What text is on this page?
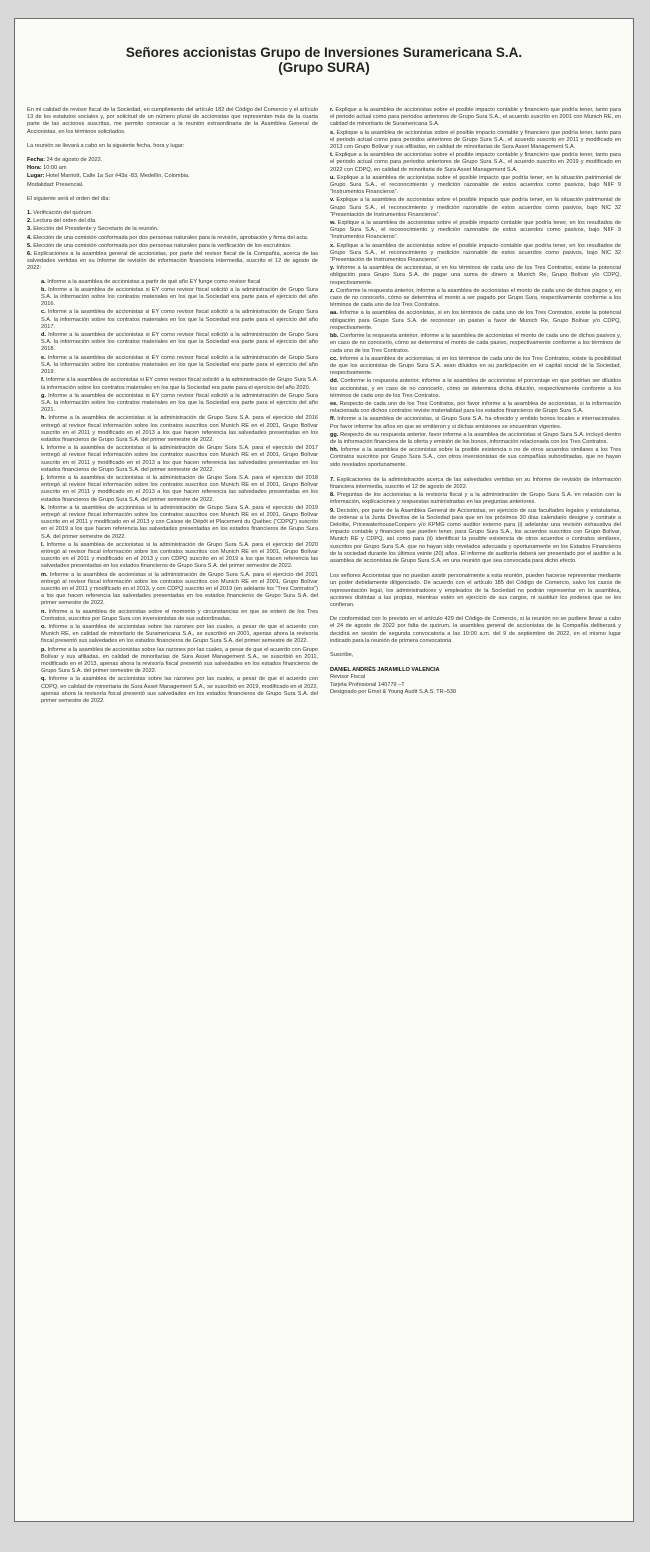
Señores accionistas Grupo de Inversiones Suramericana S.A.
(Grupo SURA)

En mi calidad de revisor fiscal de la Sociedad, en cumplimiento del artículo 182 del Código del Comercio y el artículo 13 de los estatutos sociales y, por solicitud de un número plural de accionistas que representan más de la cuarta parte de las acciones suscritas, me permito convocar a la reunión extraordinaria de la Asamblea General de Accionistas, en los términos solicitados.

La reunión se llevará a cabo en la siguiente fecha, hora y lugar:

Fecha: 24 de agosto de 2022.

Hora: 10:00 am

Lugar: Hotel Marriott, Calle 1a Sur #43a -83, Medellín, Colombia.

Modalidad: Presencial.

El siguiente será el orden del día:

1. Verificación del quórum.

2. Lectura del orden del día.

3. Elección del Presidente y Secretario de la reunión.

4. Elección de una comisión conformada por dos personas naturales para la revisión, aprobación y firma del acta.

5. Elección de una comisión conformada por dos personas naturales para la verificación de los escrutinios.

6. Explicaciones a la asamblea general de accionistas, por parte del revisor fiscal de la Compañía, acerca de las salvedades vertidas en su Informe de revisión de información financiera intermedia, suscrito el 12 de agosto de 2022:

a. Informe a la asamblea de accionistas a partir de qué año EY funge como revisor fiscal

b. Informe a la asamblea de accionistas si EY como revisor fiscal solicitó a la administración de Grupo Sura S.A. la información sobre los contratos materiales en los que la Sociedad era parte para el ejercicio del año 2016.

c. Informe a la asamblea de accionistas si EY como revisor fiscal solicitó a la administración de Grupo Sura S.A. la información sobre los contratos materiales en los que la Sociedad era parte para el ejercicio del año 2017.

d. Informe a la asamblea de accionistas si EY como revisor fiscal solicitó a la administración de Grupo Sura S.A. la información sobre los contratos materiales en los que la Sociedad era parte para el ejercicio del año 2018.

e. Informe a la asamblea de accionistas si EY como revisor fiscal solicitó a la administración de Grupo Sura S.A. la información sobre los contratos materiales en los que la Sociedad era parte para el ejercicio del año 2019.

f. Informe a la asamblea de accionistas si EY como revisor fiscal solicitó a la administración de Grupo Sura S.A. la información sobre los contratos materiales en los que la Sociedad era parte para el ejercicio del año 2020.

g. Informe a la asamblea de accionistas si EY como revisor fiscal solicitó a la administración de Grupo Sura S.A. la información sobre los contratos materiales en los que la Sociedad era parte para el ejercicio del año 2021.

h. Informe a la asamblea de accionistas si la administración de Grupo Sura S.A. para el ejercicio del 2016 entregó al revisor fiscal información sobre los contratos suscritos con Munich RE en el 2001, Grupo Bolívar suscrito en el 2011 y modificado en el 2013 a los que hacen referencia las salvedades presentadas en los estados financieros de Grupo Sura S.A. del primer semestre de 2022.

i. Informe a la asamblea de accionistas si la administración de Grupo Sura S.A. para el ejercicio del 2017 entregó al revisor fiscal información sobre los contratos suscritos con Munich RE en el 2001, Grupo Bolívar suscrito en el 2011 y modificado en el 2013 a los que hacen referencia las salvedades presentadas en los estados financieros de Grupo Sura S.A. del primer semestre de 2022.

j. Informe a la asamblea de accionistas si la administración de Grupo Sura S.A. para el ejercicio del 2018 entregó al revisor fiscal información sobre los contratos suscritos con Munich RE en el 2001, Grupo Bolívar suscrito en el 2011 y modificado en el 2013 a los que hacen referencia las salvedades presentadas en los estados financieros de Grupo Sura S.A. del primer semestre de 2022.

k. Informe a la asamblea de accionistas si la administración de Grupo Sura S.A. para el ejercicio del 2019 entregó al revisor fiscal información sobre los contratos suscritos con Munich RE en el 2001, Grupo Bolívar suscrito en el 2011 y modificado en el 2013 y con Caisse de Dépôt et Placement du Québec (“CDPQ”) suscrito en el 2019 a los que hacen referencia las salvedades presentadas en los estados financieros de Grupo Sura S.A. del primer semestre de 2022.

l. Informe a la asamblea de accionistas si la administración de Grupo Sura S.A. para el ejercicio del 2020 entregó al revisor fiscal información sobre los contratos suscritos con Munich RE en el 2001, Grupo Bolívar suscrito en el 2011 y modificado en el 2013 y con CDPQ suscrito en el 2019 a los que hacen referencia las salvedades presentadas en los estados financieros de Grupo Sura S.A. del primer semestre de 2022.

m. Informe a la asamblea de accionistas si la administración de Grupo Sura S.A. para el ejercicio del 2021 entregó al revisor fiscal información sobre los contratos suscritos con Munich RE en el 2001, Grupo Bolívar suscrito en el 2011 y modificado en el 2013, y con CDPQ suscrito en el 2019 (en adelante los “Tres Contratos”) a los que hacen referencia las salvedades presentadas en los estados financieros de Grupo Sura S.A. del primer semestre de 2022.

n. Informe a la asamblea de accionistas sobre el momento y circunstancias en que se enteró de los Tres Contratos, suscritos por Grupo Sura con inversionistas de sus subordinadas.

o. Informe a la asamblea de accionistas sobre las razones por las cuales, a pesar de que el acuerdo con Munich RE, en calidad de minoritario de Suramericana S.A., se suscribió en 2001, apenas ahora la revisoría fiscal presentó sus salvedades en los estados financieros de Grupo Sura S.A. del primer semestre de 2022.

p. Informe a la asamblea de accionistas sobre las razones por las cuales, a pesar de que el acuerdo con Grupo Bolívar y sus afiliadas, en calidad de minoritarias de Sura Asset Management S.A., se suscribió en 2011, modificado en el 2013, apenas ahora la revisoría fiscal presentó sus salvedades en los estados financieros de Grupo Sura S.A. del primer semestre de 2022.

q. Informe a la asamblea de accionistas sobre las razones por las cuales, a pesar de que el acuerdo con CDPQ, en calidad de minoritaria de Sura Asset Management S.A., se suscribió en 2019, modificado en el 2022, apenas ahora la revisoría fiscal presentó sus salvedades en los estados financieros de Grupo Sura S.A. del primer semestre de 2022.

r. Explique a la asamblea de accionistas sobre el posible impacto contable y financiero que podría tener, tanto para el periodo actual como para periodos anteriores de Grupo Sura S.A., el acuerdo suscrito en 2001 con Munich RE, en calidad de minoritario de Suramericana S.A.

s. Explique a la asamblea de accionistas sobre el posible impacto contable y financiero que podría tener, tanto para el periodo actual como para periodos anteriores de Grupo Sura S.A., el acuerdo suscrito en 2011 y modificado en 2013 con Grupo Bolívar y sus afiliadas, en calidad de minoritarias de Sura Asset Management S.A.

t. Explique a la asamblea de accionistas sobre el posible impacto contable y financiero que podría tener, tanto para el periodo actual como para periodos anteriores de Grupo Sura S.A., el acuerdo suscrito en 2019 y modificado en 2022 con CDPQ, en calidad de minoritaria de Sura Asset Management S.A.

u. Explique a la asamblea de accionistas sobre el posible impacto que podría tener, en la situación patrimonial de Grupo Sura S.A., el reconocimiento y medición razonable de estos acuerdos como pasivos, bajo NIIF 9 “Instrumentos Financieros”.

v. Explique a la asamblea de accionistas sobre el posible impacto que podría tener, en la situación patrimonial de Grupo Sura S.A., el reconocimiento y medición razonable de estos acuerdos como pasivos, bajo NIC 32 “Presentación de Instrumentos Financieros”.

w. Explique a la asamblea de accionistas sobre el posible impacto contable que podría tener, en los resultados de Grupo Sura S.A., el reconocimiento y medición razonable de estos acuerdos como pasivos, bajo NIIF 9 “Instrumentos Financieros”.

x. Explique a la asamblea de accionistas sobre el posible impacto contable que podría tener, en los resultados de Grupo Sura S.A., el reconocimiento y medición razonable de estos acuerdos como pasivos, bajo NIC 32 “Presentación de Instrumentos Financieros”.

y. Informe a la asamblea de accionistas, si en los términos de cada uno de los Tres Contratos, existe la potencial obligación para Grupo Sura S.A. de pagar una suma de dinero a Munich Re, Grupo Bolívar y/o CDPQ, respectivamente.

z. Conforme la respuesta anterior, informe a la asamblea de accionistas el monto de cada uno de dichos pagos y, en caso de no conocerlo, cómo se determina el monto a ser pagado por Grupo Sura, respectivamente conforme a los términos de cada uno de los Tres Contratos.

aa. Informe a la asamblea de accionistas, si en los términos de cada uno de los Tres Contratos, existe la potencial obligación para Grupo Sura S.A. de reconocer un pasivo a favor de Munich Re, Grupo Bolívar y/o CDPQ, respectivamente.

bb. Conforme la respuesta anterior, informe a la asamblea de accionistas el monto de cada uno de dichos pasivos y, en caso de no conocerlo, cómo se determina el monto de cada pasivo, respectivamente conforme a los términos de cada uno de los Tres Contratos.

cc. Informe a la asamblea de accionistas, si en los términos de cada uno de los Tres Contratos, existe la posibilidad de que los accionistas de Grupo Sura S.A. sean diluidos en su participación en el capital social de la Sociedad, respectivamente.

dd. Conforme la respuesta anterior, informe a la asamblea de accionistas el porcentaje en que podrían ser diluidos los accionistas, y en caso de no conocerlo, cómo se determina dicha dilución, respectivamente conforme a los términos de cada uno de los Tres Contratos.

ee. Respecto de cada uno de los Tres Contratos, por favor informe a la asamblea de accionistas, si la información relacionada con dichos contratos reviste materialidad para los estados financieros de Grupo Sura S.A.

ff. Informe a la asamblea de accionistas, si Grupo Sura S.A. ha ofrecido y emitido bonos locales e internacionales. Por favor informe los años en que se emitieron y si dichas emisiones se encuentran vigentes.

gg. Respecto de su respuesta anterior, favor informe a la asamblea de accionistas si Grupo Sura S.A. incluyó dentro de la información financiera de la oferta y emisión de los bonos, información relacionada con los Tres Contratos.

hh. Informe a la asamblea de accionistas sobre la posible existencia o no de otros acuerdos similares a los Tres Contratos suscritos por Grupo Sura S.A., con otros inversionistas de sus compañías subordinadas, que no hayan sido revelados oportunamente.

7. Explicaciones de la administración acerca de las salvedades vertidas en su Informe de revisión de información financiera intermedia, suscrito el 12 de agosto de 2022.

8. Preguntas de los accionistas a la revisoría fiscal y a la administración de Grupo Sura S.A. en relación con la información, explicaciones y respuestas suministradas en las preguntas anteriores.

9. Decisión, por parte de la Asamblea General de Accionistas, en ejercicio de sus facultades legales y estatutarias, de ordenar a la Junta Directiva de la Sociedad para que en los próximos 30 días calendario designe y contrate a Deloitte, PricewaterhouseCoopers y/o KPMG como auditor externo para (i) adelantar una revisión exhaustiva del impacto contable y financiero que pueden tener, para Grupo Sura S.A., los acuerdos suscritos con Grupo Bolívar, Munich RE y CDPQ, así como para (ii) identificar la posible existencia de otros acuerdos o contratos similares, suscritos por Grupo Sura S.A. que no hayan sido revelados adecuada y oportunamente en los Estados Financieros de la sociedad durante los últimos veinte (20) años. El informe de auditoría deberá ser presentado por el auditor a la asamblea de accionistas de Grupo Sura S.A. en una reunión que sea convocada para dicho efecto.

Los señores Accionistas que no puedan asistir personalmente a esta reunión, pueden hacerse representar mediante un poder debidamente diligenciado. De acuerdo con el artículo 185 del Código de Comercio, salvo los casos de representación legal, los administradores y empleados de la Sociedad no podrán representar en la asamblea, acciones distintas a las propias, mientras estén en ejercicio de sus cargos, ni sustituir los poderes que se les confieran.

De conformidad con lo previsto en el artículo 429 del Código de Comercio, si la reunión no se pudiere llevar a cabo el 24 de agosto de 2022 por falta de quórum, la asamblea general de accionistas de la Compañía deliberará y decidirá en sesión de segunda convocatoria a las 10:00 a.m. del 9 de septiembre de 2022, en el mismo lugar indicado para la reunión de primera convocatoria

Suscribe,

DANIEL ANDRÉS JARAMILLO VALENCIA

Revisor Fiscal

Tarjeta Profesional 140779 –T

Designado por Ernst & Young Audit S.A.S. TR–530
